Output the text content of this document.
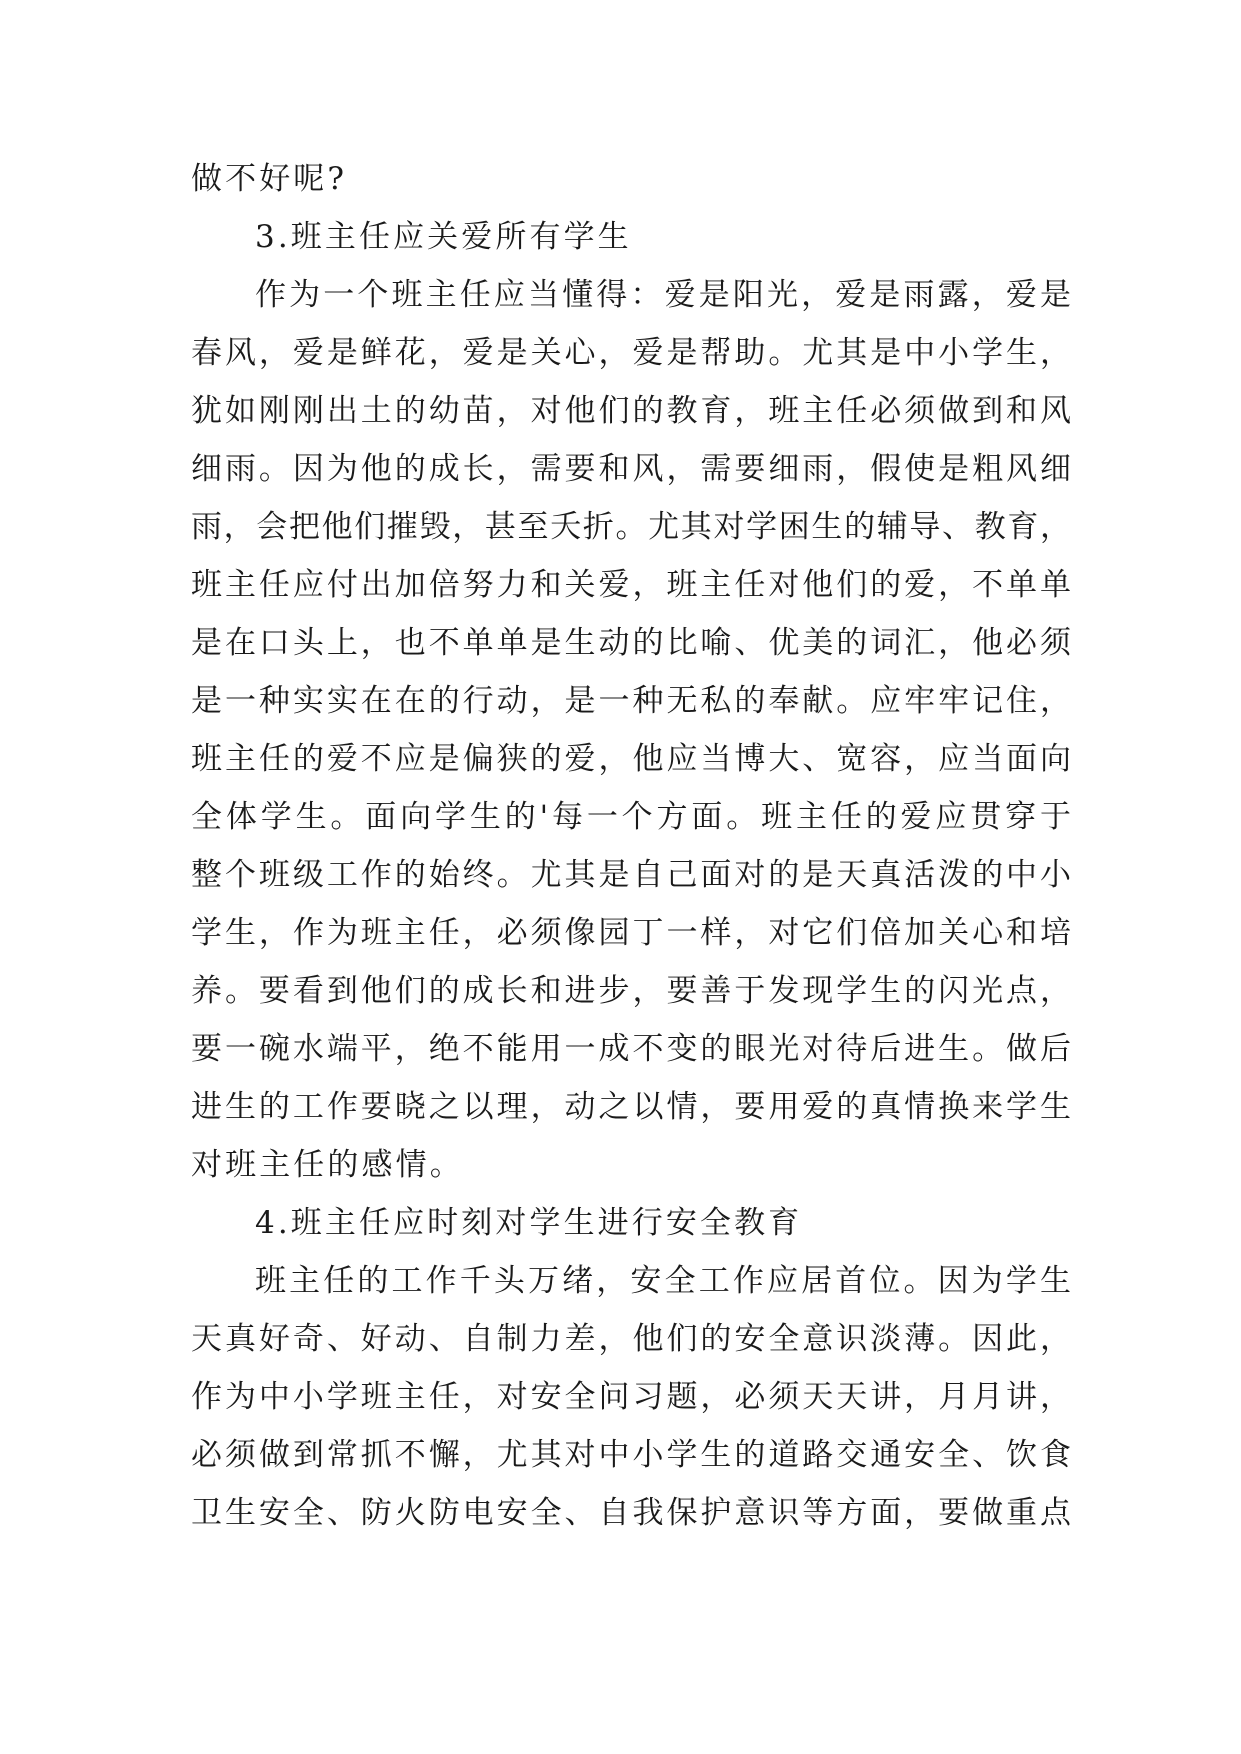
做不好呢?
3.班主任应关爱所有学生
作为一个班主任应当懂得：爱是阳光，爱是雨露，爱是
春风，爱是鲜花，爱是关心，爱是帮助。尤其是中小学生，
犹如刚刚出土的幼苗，对他们的教育，班主任必须做到和风
细雨。因为他的成长，需要和风，需要细雨，假使是粗风细
雨，会把他们摧毁，甚至夭折。尤其对学困生的辅导、教育，
班主任应付出加倍努力和关爱，班主任对他们的爱，不单单
是在口头上，也不单单是生动的比喻、优美的词汇，他必须
是一种实实在在的行动，是一种无私的奉献。应牢牢记住，
班主任的爱不应是偏狭的爱，他应当博大、宽容，应当面向
全体学生。面向学生的'每一个方面。班主任的爱应贯穿于
整个班级工作的始终。尤其是自己面对的是天真活泼的中小
学生，作为班主任，必须像园丁一样，对它们倍加关心和培
养。要看到他们的成长和进步，要善于发现学生的闪光点，
要一碗水端平，绝不能用一成不变的眼光对待后进生。做后
进生的工作要晓之以理，动之以情，要用爱的真情换来学生
对班主任的感情。
4.班主任应时刻对学生进行安全教育
班主任的工作千头万绪，安全工作应居首位。因为学生
天真好奇、好动、自制力差，他们的安全意识淡薄。因此，
作为中小学班主任，对安全问习题，必须天天讲，月月讲，
必须做到常抓不懈，尤其对中小学生的道路交通安全、饮食
卫生安全、防火防电安全、自我保护意识等方面，要做重点
